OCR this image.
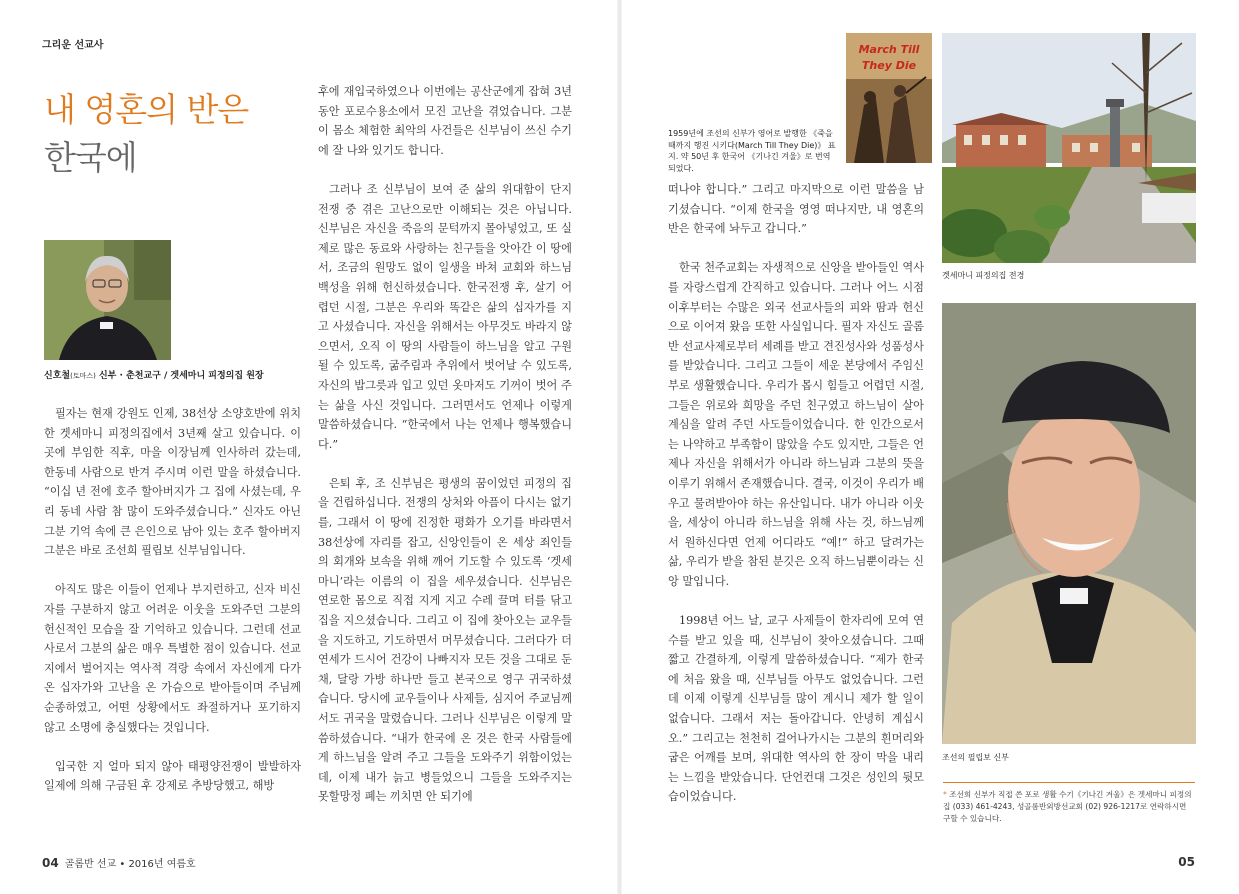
그리운 선교사
내 영혼의 반은
한국에
신호철(토마스) 신부 · 춘천교구 / 겟세마니 피정의집 원장

필자는 현재 강원도 인제, 38선상 소양호반에 위치한 겟세마니 피정의집에서 3년째 살고 있습니다. 이곳에 부임한 직후, 마을 이장님께 인사하러 갔는데, 한동네 사람으로 반겨 주시며 이런 말을 하셨습니다. “이십 년 전에 호주 할아버지가 그 집에 사셨는데, 우리 동네 사람 참 많이 도와주셨습니다.” 신자도 아닌 그분 기억 속에 큰 은인으로 남아 있는 호주 할아버지 그분은 바로 조선희 필립보 신부님입니다.

아직도 많은 이들이 언제나 부지런하고, 신자 비신자를 구분하지 않고 어려운 이웃을 도와주던 그분의 헌신적인 모습을 잘 기억하고 있습니다. 그런데 선교사로서 그분의 삶은 매우 특별한 점이 있습니다. 선교지에서 벌어지는 역사적 격랑 속에서 자신에게 다가온 십자가와 고난을 온 가슴으로 받아들이며 주님께 순종하였고, 어떤 상황에서도 좌절하거나 포기하지 않고 소명에 충실했다는 것입니다.

입국한 지 얼마 되지 않아 태평양전쟁이 발발하자 일제에 의해 구금된 후 강제로 추방당했고, 해방

후에 재입국하였으나 이번에는 공산군에게 잡혀 3년 동안 포로수용소에서 모진 고난을 겪었습니다. 그분이 몸소 체험한 최악의 사건들은 신부님이 쓰신 수기에 잘 나와 있기도 합니다.

그러나 조 신부님이 보여 준 삶의 위대함이 단지 전쟁 중 겪은 고난으로만 이해되는 것은 아닙니다. 신부님은 자신을 죽음의 문턱까지 몰아넣었고, 또 실제로 많은 동료와 사랑하는 친구들을 앗아간 이 땅에서, 조금의 원망도 없이 일생을 바쳐 교회와 하느님 백성을 위해 헌신하셨습니다. 한국전쟁 후, 살기 어렵던 시절, 그분은 우리와 똑같은 삶의 십자가를 지고 사셨습니다. 자신을 위해서는 아무것도 바라지 않으면서, 오직 이 땅의 사람들이 하느님을 알고 구원될 수 있도록, 굶주림과 추위에서 벗어날 수 있도록, 자신의 밥그릇과 입고 있던 옷마저도 기꺼이 벗어 주는 삶을 사신 것입니다. 그러면서도 언제나 이렇게 말씀하셨습니다. “한국에서 나는 언제나 행복했습니다.”

은퇴 후, 조 신부님은 평생의 꿈이었던 피정의 집을 건립하십니다. 전쟁의 상처와 아픔이 다시는 없기를, 그래서 이 땅에 진정한 평화가 오기를 바라면서 38선상에 자리를 잡고, 신앙인들이 온 세상 죄인들의 회개와 보속을 위해 깨어 기도할 수 있도록 ‘겟세마니’라는 이름의 이 집을 세우셨습니다. 신부님은 연로한 몸으로 직접 지게 지고 수레 끌며 터를 닦고 집을 지으셨습니다. 그리고 이 집에 찾아오는 교우들을 지도하고, 기도하면서 머무셨습니다. 그러다가 더 연세가 드시어 건강이 나빠지자 모든 것을 그대로 둔 채, 달랑 가방 하나만 들고 본국으로 영구 귀국하셨습니다. 당시에 교우들이나 사제들, 심지어 주교님께서도 귀국을 말렸습니다. 그러나 신부님은 이렇게 말씀하셨습니다. “내가 한국에 온 것은 한국 사람들에게 하느님을 알려 주고 그들을 도와주기 위함이었는데, 이제 내가 늙고 병들었으니 그들을 도와주지는 못할망정 폐는 끼치면 안 되기에

04 골롬반 선교 • 2016년 여름호
1959년에 조선의 신부가 영어로 발행한 《죽을 때까지 행진 시키다(March Till They Die)》 표지. 약 50년 후 한국어 《기나긴 겨울》로 번역되었다.
March Till
They Die
겟세마니 피정의집 전경

떠나야 합니다.” 그리고 마지막으로 이런 말씀을 남기셨습니다. “이제 한국을 영영 떠나지만, 내 영혼의 반은 한국에 놔두고 갑니다.”

한국 천주교회는 자생적으로 신앙을 받아들인 역사를 자랑스럽게 간직하고 있습니다. 그러나 어느 시점 이후부터는 수많은 외국 선교사들의 피와 땀과 헌신으로 이어져 왔음 또한 사실입니다. 필자 자신도 골롬반 선교사제로부터 세례를 받고 견진성사와 성품성사를 받았습니다. 그리고 그들이 세운 본당에서 주임신부로 생활했습니다. 우리가 몹시 힘들고 어렵던 시절, 그들은 위로와 희망을 주던 친구였고 하느님이 살아계심을 알려 주던 사도들이었습니다. 한 인간으로서는 나약하고 부족함이 많았을 수도 있지만, 그들은 언제나 자신을 위해서가 아니라 하느님과 그분의 뜻을 이루기 위해서 존재했습니다. 결국, 이것이 우리가 배우고 물려받아야 하는 유산입니다. 내가 아니라 이웃을, 세상이 아니라 하느님을 위해 사는 것, 하느님께서 원하신다면 언제 어디라도 “예!” 하고 달려가는 삶, 우리가 받을 참된 분깃은 오직 하느님뿐이라는 신앙 말입니다.

1998년 어느 날, 교구 사제들이 한자리에 모여 연수를 받고 있을 때, 신부님이 찾아오셨습니다. 그때 짧고 간결하게, 이렇게 말씀하셨습니다. “제가 한국에 처음 왔을 때, 신부님들 아무도 없었습니다. 그런데 이제 이렇게 신부님들 많이 계시니 제가 할 일이 없습니다. 그래서 저는 돌아갑니다. 안녕히 계십시오.” 그리고는 천천히 걸어나가시는 그분의 흰머리와 굽은 어깨를 보며, 위대한 역사의 한 장이 막을 내리는 느낌을 받았습니다. 단언컨대 그것은 성인의 뒷모습이었습니다.

조선의 필립보 신부
* 조선희 신부가 직접 쓴 포로 생활 수기《기나긴 겨울》은 겟세마니 피정의집 (033) 461-4243, 성골롬반외방선교회 (02) 926-1217로 연락하시면 구할 수 있습니다.
05
